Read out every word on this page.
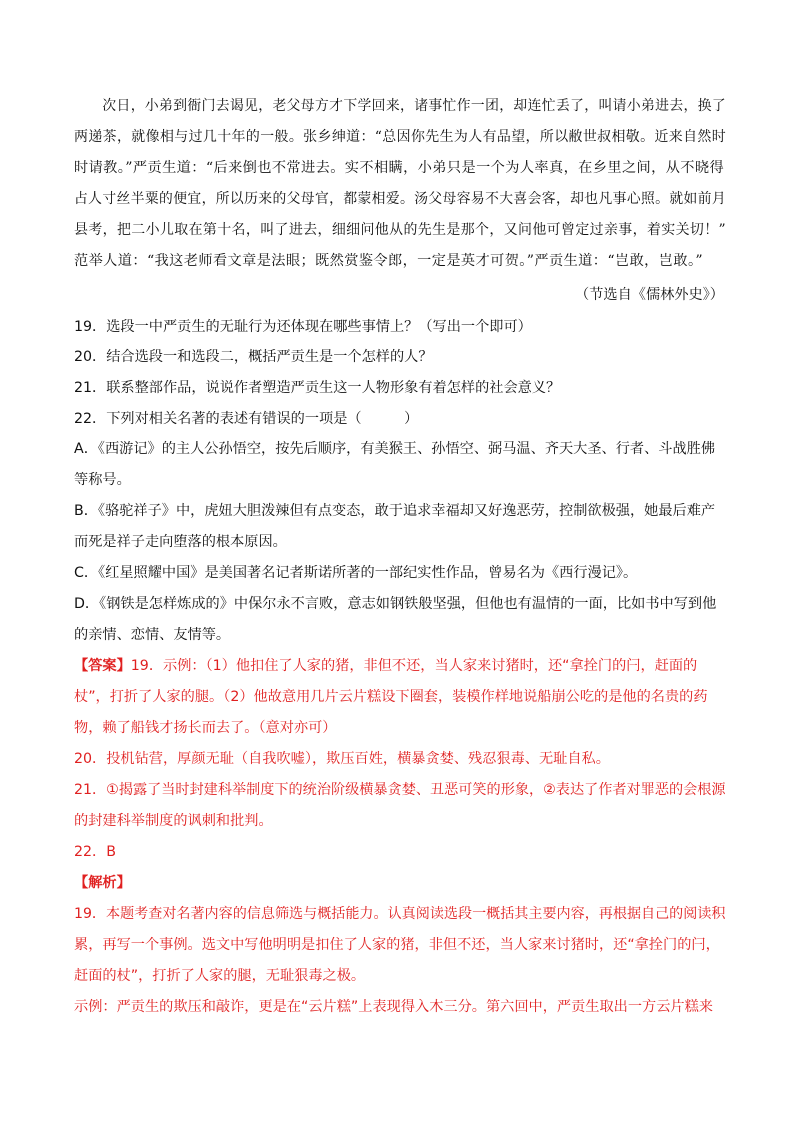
　　次日，小弟到衙门去谒见，老父母方才下学回来，诸事忙作一团，却连忙丢了，叫请小弟进去，换了
两递茶，就像相与过几十年的一般。张乡绅道：“总因你先生为人有品望，所以敝世叔相敬。近来自然时
时请教。”严贡生道：“后来倒也不常进去。实不相瞒，小弟只是一个为人率真，在乡里之间，从不晓得
占人寸丝半粟的便宜，所以历来的父母官，都蒙相爱。汤父母容易不大喜会客，却也凡事心照。就如前月
县考，把二小儿取在第十名，叫了进去，细细问他从的先生是那个，又问他可曾定过亲事，着实关切！”
范举人道：“我这老师看文章是法眼；既然赏鉴令郎，一定是英才可贺。”严贡生道：“岂敢，岂敢。”
（节选自《儒林外史》）
19．选段一中严贡生的无耻行为还体现在哪些事情上？（写出一个即可）
20．结合选段一和选段二，概括严贡生是一个怎样的人？
21．联系整部作品，说说作者塑造严贡生这一人物形象有着怎样的社会意义？
22．下列对相关名著的表述有错误的一项是（　　　）
A．《西游记》的主人公孙悟空，按先后顺序，有美猴王、孙悟空、弼马温、齐天大圣、行者、斗战胜佛
等称号。
B．《骆驼祥子》中，虎妞大胆泼辣但有点变态，敢于追求幸福却又好逸恶劳，控制欲极强，她最后难产
而死是祥子走向堕落的根本原因。
C．《红星照耀中国》是美国著名记者斯诺所著的一部纪实性作品，曾易名为《西行漫记》。
D．《钢铁是怎样炼成的》中保尔永不言败，意志如钢铁般坚强，但他也有温情的一面，比如书中写到他
的亲情、恋情、友情等。
【答案】19．示例：（1）他扣住了人家的猪，非但不还，当人家来讨猪时，还“拿拴门的闩，赶面的
杖”，打折了人家的腿。（2）他故意用几片云片糕设下圈套，装模作样地说船崩公吃的是他的名贵的药
物，赖了船钱才扬长而去了。（意对亦可）
20．投机钻营，厚颜无耻（自我吹嘘），欺压百姓，横暴贪婪、残忍狠毒、无耻自私。
21．①揭露了当时封建科举制度下的统治阶级横暴贪婪、丑恶可笑的形象，②表达了作者对罪恶的会根源
的封建科举制度的讽刺和批判。
22．B
【解析】
19．本题考查对名著内容的信息筛选与概括能力。认真阅读选段一概括其主要内容，再根据自己的阅读积
累，再写一个事例。选文中写他明明是扣住了人家的猪，非但不还，当人家来讨猪时，还“拿拴门的闩，
赶面的杖”，打折了人家的腿，无耻狠毒之极。
示例：严贡生的欺压和敲诈，更是在“云片糕”上表现得入木三分。第六回中，严贡生取出一方云片糕来
